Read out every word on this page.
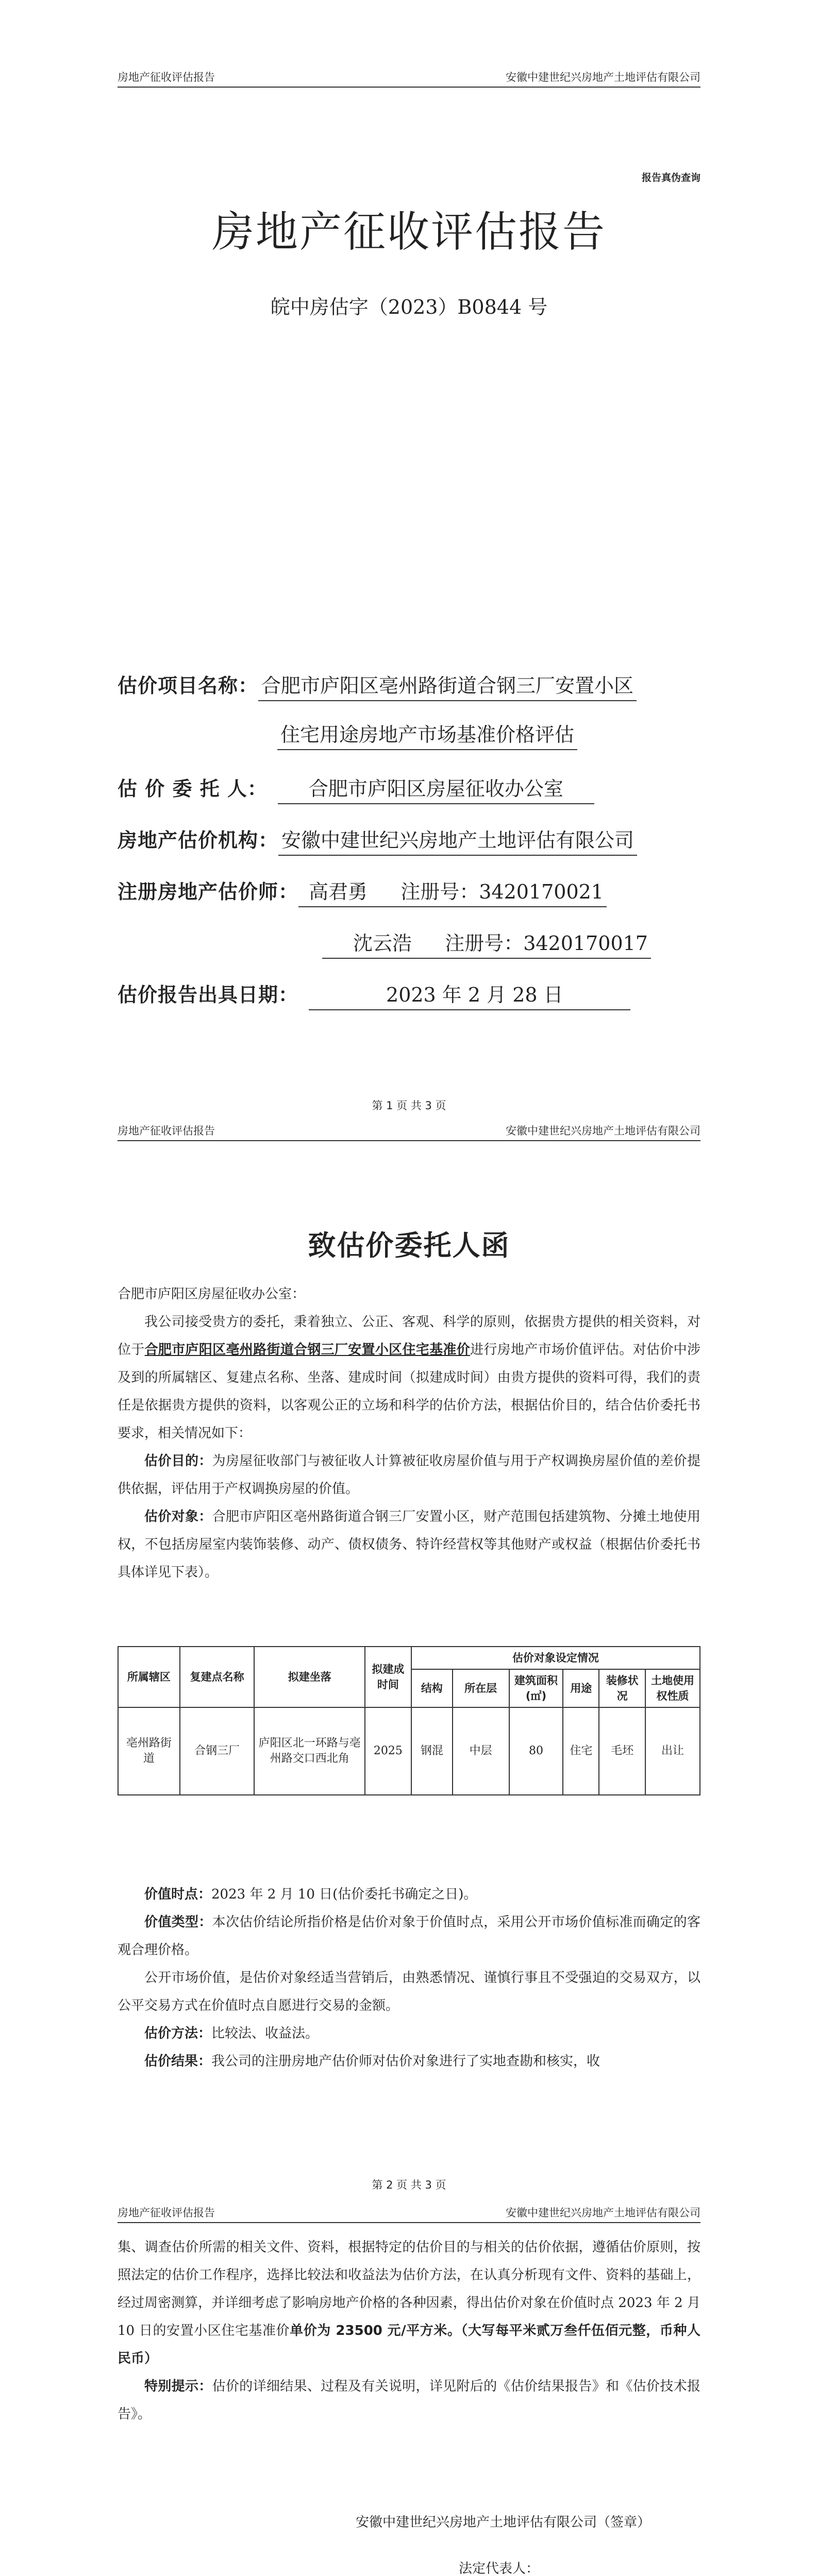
房地产征收评估报告	安徽中建世纪兴房地产土地评估有限公司
报告真伪查询
房地产征收评估报告
皖中房估字（2023）B0844 号
估价项目名称： 合肥市庐阳区亳州路街道合钢三厂安置小区
住宅用途房地产市场基准价格评估
估 价 委 托 人：	合肥市庐阳区房屋征收办公室
房地产估价机构： 安徽中建世纪兴房地产土地评估有限公司
注册房地产估价师： 高君勇 注册号：3420170021
沈云浩 注册号：3420170017
估价报告出具日期：	2023 年 2 月 28 日
第 1 页 共 3 页
房地产征收评估报告	安徽中建世纪兴房地产土地评估有限公司
致估价委托人函

合肥市庐阳区房屋征收办公室：

我公司接受贵方的委托，秉着独立、公正、客观、科学的原则，依据贵方提供的相关资料，对位于合肥市庐阳区亳州路街道合钢三厂安置小区住宅基准价进行房地产市场价值评估。对估价中涉及到的所属辖区、复建点名称、坐落、建成时间（拟建成时间）由贵方提供的资料可得，我们的责任是依据贵方提供的资料，以客观公正的立场和科学的估价方法，根据估价目的，结合估价委托书要求，相关情况如下：

估价目的：为房屋征收部门与被征收人计算被征收房屋价值与用于产权调换房屋价值的差价提供依据，评估用于产权调换房屋的价值。

估价对象：合肥市庐阳区亳州路街道合钢三厂安置小区，财产范围包括建筑物、分摊土地使用权，不包括房屋室内装饰装修、动产、债权债务、特许经营权等其他财产或权益（根据估价委托书具体详见下表）。

所属辖区	复建点名称	拟建坐落	拟建成时间	估价对象设定情况					
				结构	所在层	建筑面积(㎡)	用途	装修状况	土地使用权性质
亳州路街道	合钢三厂	庐阳区北一环路与亳州路交口西北角	2025	钢混	中层	80	住宅	毛坯	出让

价值时点：2023 年 2 月 10 日(估价委托书确定之日)。

价值类型：本次估价结论所指价格是估价对象于价值时点，采用公开市场价值标准而确定的客观合理价格。

公开市场价值，是估价对象经适当营销后，由熟悉情况、谨慎行事且不受强迫的交易双方，以公平交易方式在价值时点自愿进行交易的金额。

估价方法：比较法、收益法。

估价结果：我公司的注册房地产估价师对估价对象进行了实地查勘和核实，收

第 2 页 共 3 页
房地产征收评估报告	安徽中建世纪兴房地产土地评估有限公司

集、调查估价所需的相关文件、资料，根据特定的估价目的与相关的估价依据，遵循估价原则，按照法定的估价工作程序，选择比较法和收益法为估价方法，在认真分析现有文件、资料的基础上，经过周密测算，并详细考虑了影响房地产价格的各种因素，得出估价对象在价值时点 2023 年 2 月 10 日的安置小区住宅基准价单价为 23500 元/平方米。（大写每平米贰万叁仟伍佰元整，币种人民币）

特别提示：估价的详细结果、过程及有关说明，详见附后的《估价结果报告》和《估价技术报告》。

安徽中建世纪兴房地产土地评估有限公司（签章）
法定代表人：
